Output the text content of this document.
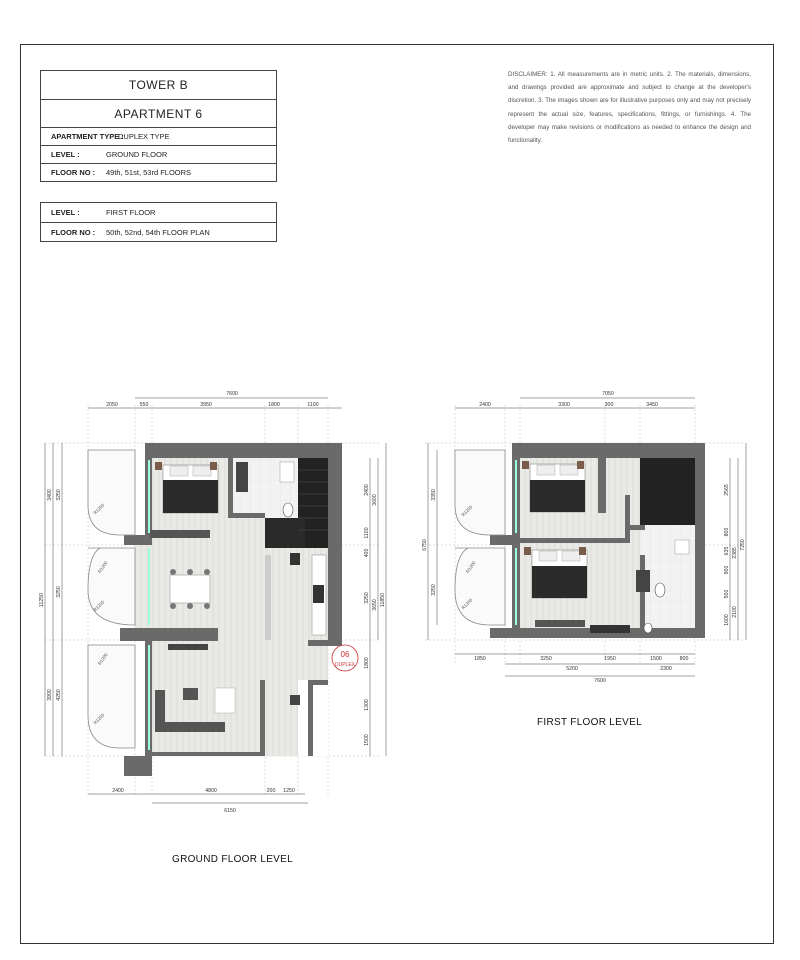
TOWER B
APARTMENT 6
APARTMENT TYPE :
DUPLEX TYPE
LEVEL :	GROUND FLOOR
FLOOR NO :	49th, 51st, 53rd FLOORS
LEVEL :	FIRST FLOOR
FLOOR NO :	50th, 52nd, 54th FLOOR PLAN
DISCLAIMER: 1. All measurements are in metric units. 2. The materials, dimensions, and drawings provided are approximate and subject to change at the developer's discretion. 3. The images shown are for illustrative purposes only and may not precisely represent the actual size, features, specifications, fittings, or furnishings. 4. The developer may make revisions or modifications as needed to enhance the design and functionality.
7600
2050	550	3950	1800	1100
2400	4800	200 1250
6150
3400
11250
3900
3250
3250
4250
2400
1100
400
3250
1800
1300
1500
3600
3650 11850
R1200
R1200
R1200
R1200
R1200
06
DUPLEX
7050
2400	3300	300	3450
1850	3250	1950	1500	800
5200	2300
7600
6750
3350
3250
2565
800
635
900
500
1600
2385
2100
7250
R1200
R1200
R1200
GROUND FLOOR LEVEL
FIRST FLOOR LEVEL
